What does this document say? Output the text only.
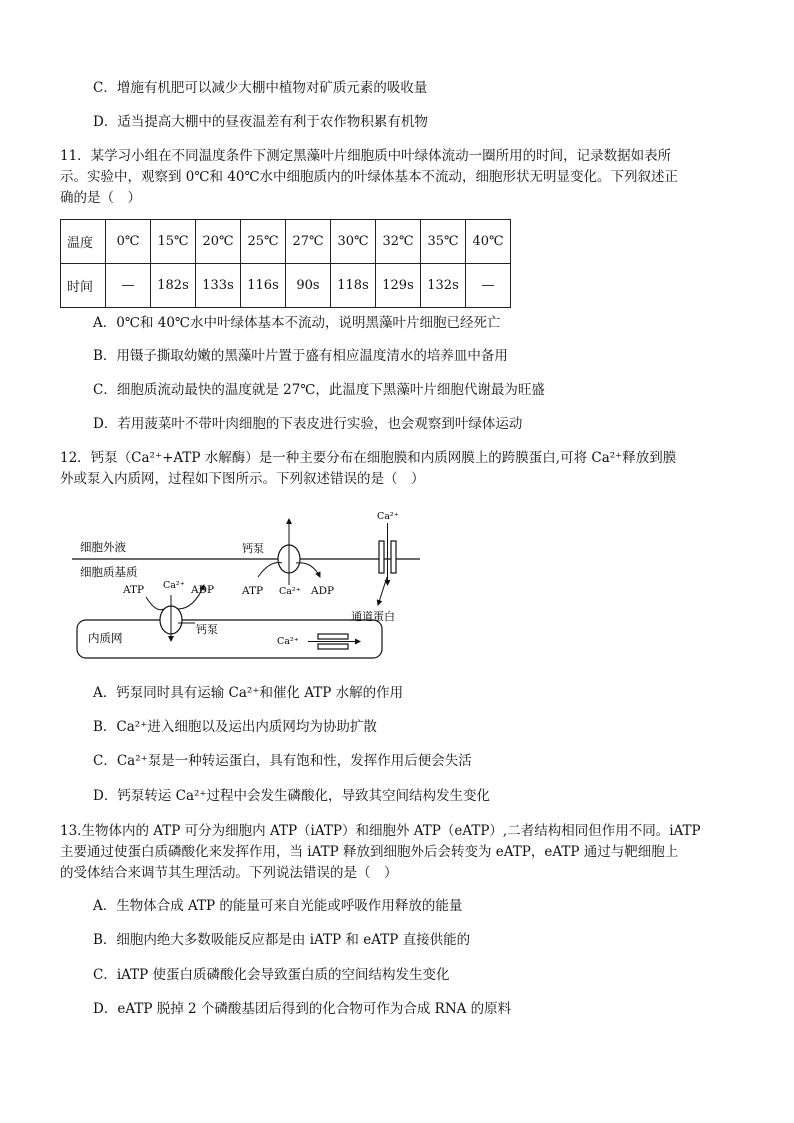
C．增施有机肥可以减少大棚中植物对矿质元素的吸收量
D．适当提高大棚中的昼夜温差有利于农作物积累有机物
11．某学习小组在不同温度条件下测定黑藻叶片细胞质中叶绿体流动一圈所用的时间，记录数据如表所
示。实验中，观察到 0℃和 40℃水中细胞质内的叶绿体基本不流动，细胞形状无明显变化。下列叙述正
确的是（　）
温度	0℃	15℃	20℃	25℃	27℃	30℃	32℃	35℃	40℃
时间	—	182s	133s	116s	90s	118s	129s	132s	—
A．0℃和 40℃水中叶绿体基本不流动，说明黑藻叶片细胞已经死亡
B．用镊子撕取幼嫩的黑藻叶片置于盛有相应温度清水的培养皿中备用
C．细胞质流动最快的温度就是 27℃，此温度下黑藻叶片细胞代谢最为旺盛
D．若用菠菜叶不带叶肉细胞的下表皮进行实验，也会观察到叶绿体运动
12．钙泵（Ca²⁺+ATP 水解酶）是一种主要分布在细胞膜和内质网膜上的跨膜蛋白,可将 Ca²⁺释放到膜
外或泵入内质网，过程如下图所示。下列叙述错误的是（　）
细胞外液
细胞质基质
钙泵
ATP Ca²⁺ ADP
Ca²⁺
通道蛋白
内质网
Ca²⁺
ATP	ADP
钙泵
Ca²⁺
A．钙泵同时具有运输 Ca²⁺和催化 ATP 水解的作用
B．Ca²⁺进入细胞以及运出内质网均为协助扩散
C．Ca²⁺泵是一种转运蛋白，具有饱和性，发挥作用后便会失活
D．钙泵转运 Ca²⁺过程中会发生磷酸化，导致其空间结构发生变化
13.生物体内的 ATP 可分为细胞内 ATP（iATP）和细胞外 ATP（eATP）,二者结构相同但作用不同。iATP
主要通过使蛋白质磷酸化来发挥作用，当 iATP 释放到细胞外后会转变为 eATP，eATP 通过与靶细胞上
的受体结合来调节其生理活动。下列说法错误的是（　）
A．生物体合成 ATP 的能量可来自光能或呼吸作用释放的能量
B．细胞内绝大多数吸能反应都是由 iATP 和 eATP 直接供能的
C．iATP 使蛋白质磷酸化会导致蛋白质的空间结构发生变化
D．eATP 脱掉 2 个磷酸基团后得到的化合物可作为合成 RNA 的原料
